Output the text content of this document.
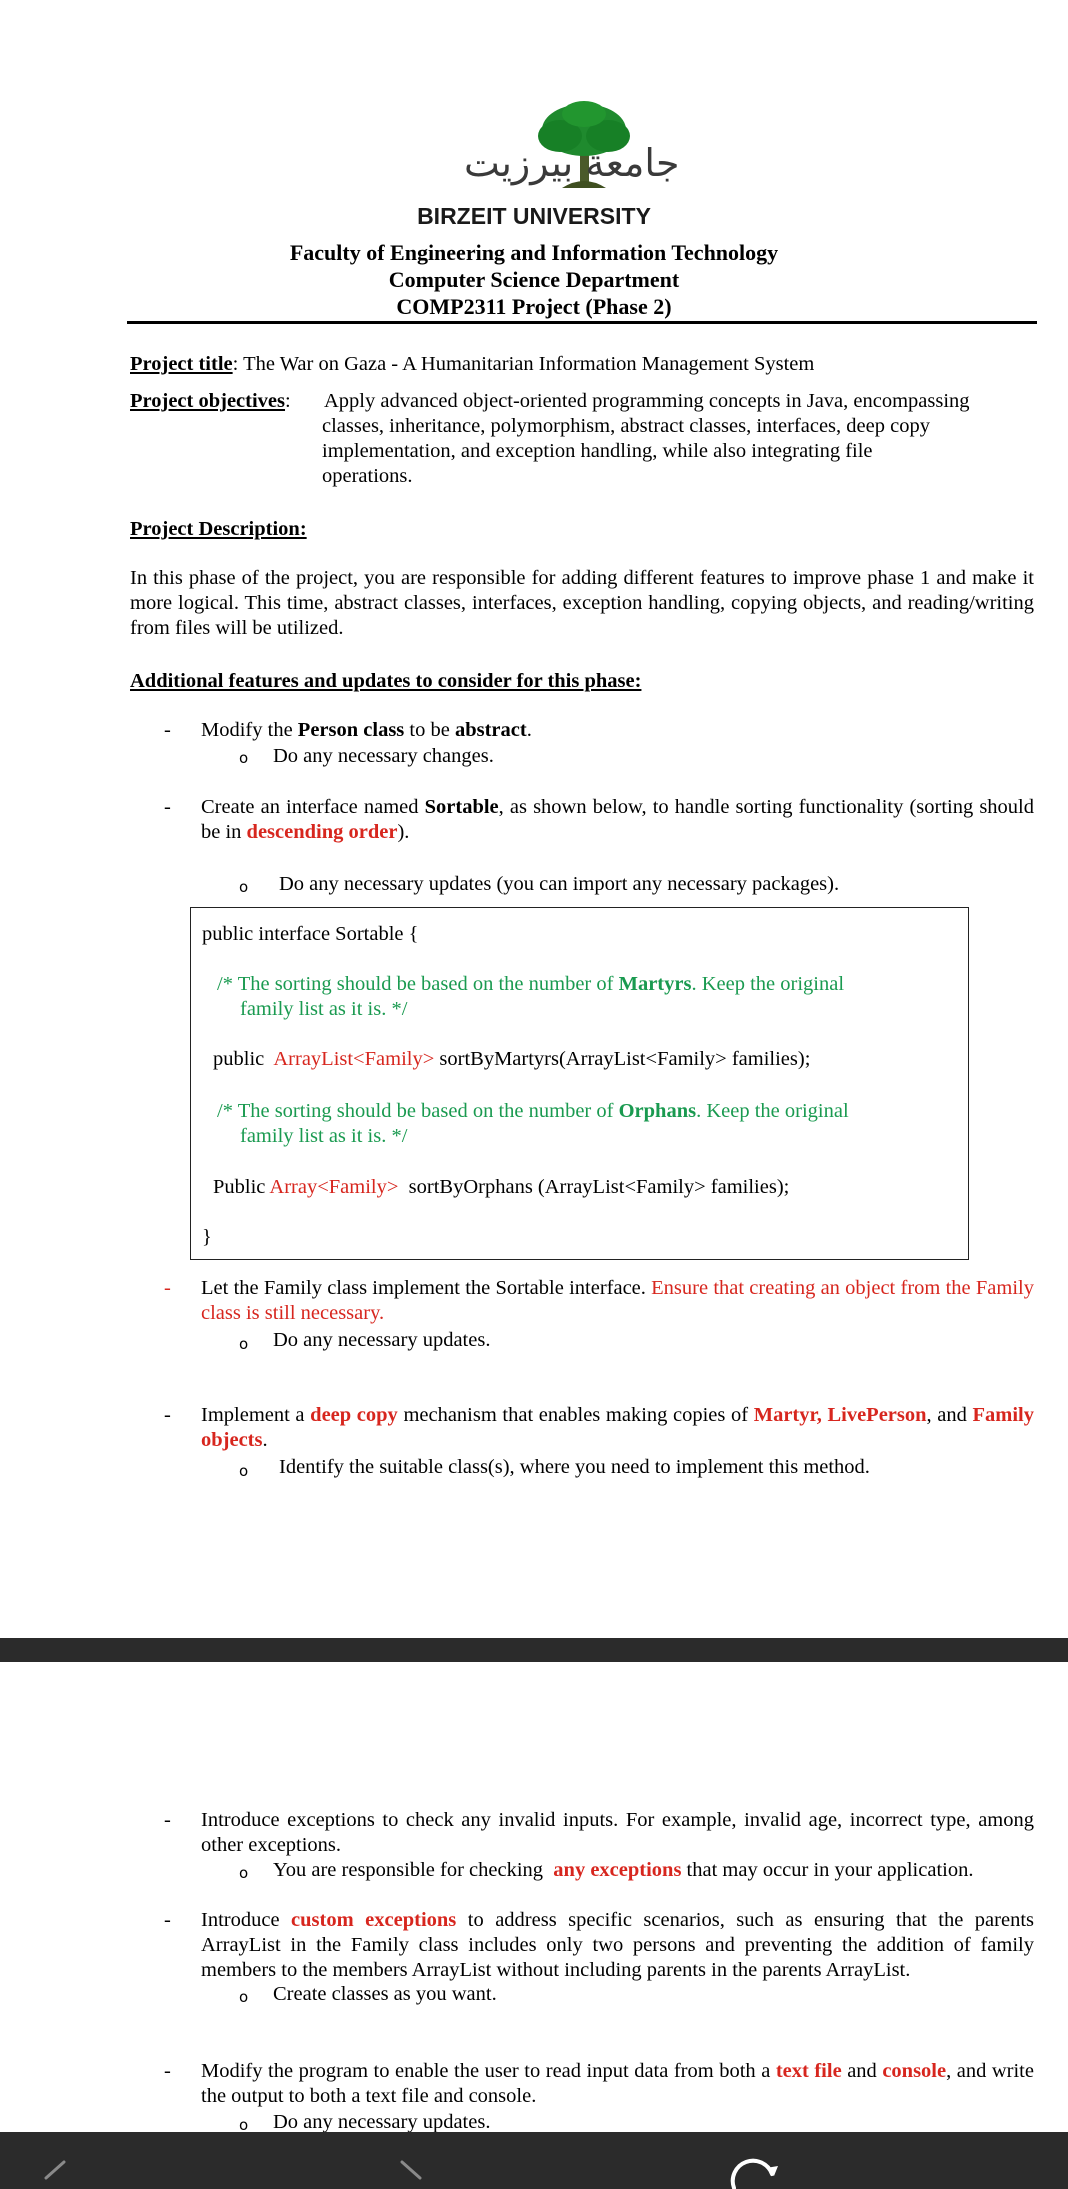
جامعة بيرزيت
BIRZEIT UNIVERSITY
Faculty of Engineering and Information Technology
Computer Science Department
COMP2311 Project (Phase 2)
Project title: The War on Gaza - A Humanitarian Information Management System
Project objectives: Apply advanced object-oriented programming concepts in Java, encompassing
classes, inheritance, polymorphism, abstract classes, interfaces, deep copy
implementation, and exception handling, while also integrating file
operations.
Project Description:
In this phase of the project, you are responsible for adding different features to improve phase 1 and make it more logical. This time, abstract classes, interfaces, exception handling, copying objects, and reading/writing from files will be utilized.
Additional features and updates to consider for this phase:
- Modify the Person class to be abstract.
o Do any necessary changes.
- Create an interface named Sortable, as shown below, to handle sorting functionality (sorting should be in descending order).
o Do any necessary updates (you can import any necessary packages).
public interface Sortable {
/* The sorting should be based on the number of Martyrs. Keep the original
family list as it is. */
public  ArrayList<Family> sortByMartyrs(ArrayList<Family> families);
/* The sorting should be based on the number of Orphans. Keep the original
family list as it is. */
Public Array<Family>  sortByOrphans (ArrayList<Family> families);
}
- Let the Family class implement the Sortable interface. Ensure that creating an object from the Family class is still necessary.
o Do any necessary updates.
- Implement a deep copy mechanism that enables making copies of Martyr, LivePerson, and Family objects.
o Identify the suitable class(s), where you need to implement this method.
- Introduce exceptions to check any invalid inputs. For example, invalid age, incorrect type, among other exceptions.
o You are responsible for checking  any exceptions that may occur in your application.
- Introduce custom exceptions to address specific scenarios, such as ensuring that the parents ArrayList in the Family class includes only two persons and preventing the addition of family members to the members ArrayList without including parents in the parents ArrayList.
o Create classes as you want.
- Modify the program to enable the user to read input data from both a text file and console, and write the output to both a text file and console.
o Do any necessary updates.
